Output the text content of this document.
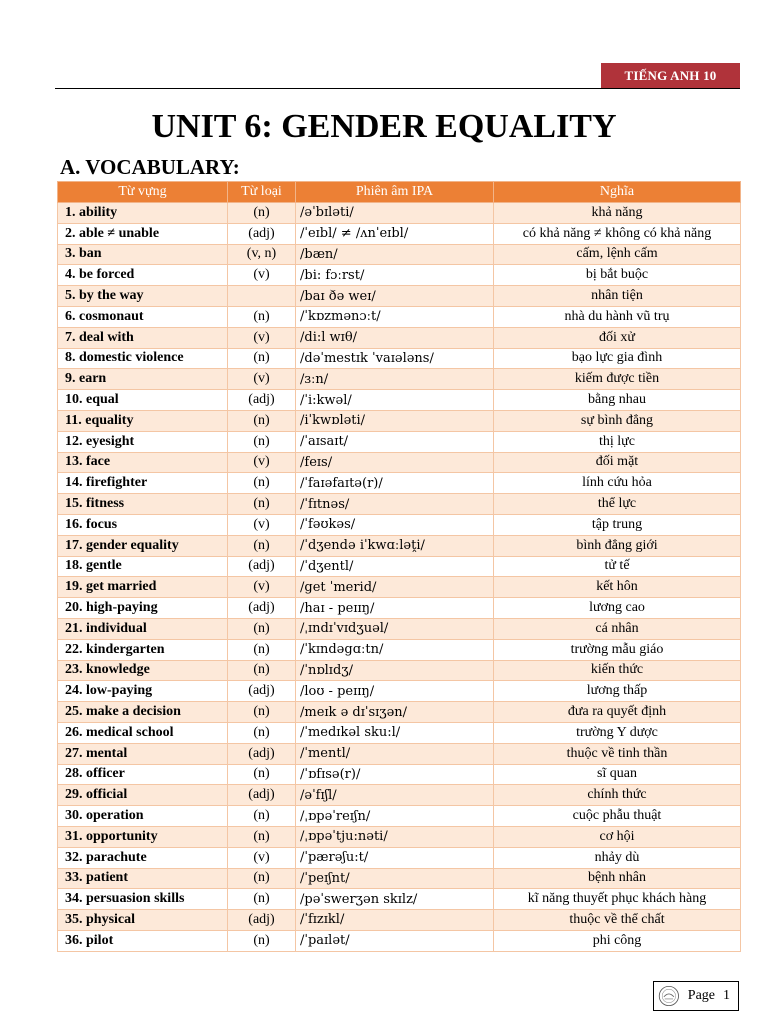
TIẾNG ANH 10
UNIT 6: GENDER EQUALITY
A. VOCABULARY:
Từ vựng	Từ loại	Phiên âm IPA	Nghĩa
1. ability	(n)	/əˈbɪləti/	khả năng
2. able ≠ unable	(adj)	/ˈeɪbl/ ≠ /ʌnˈeɪbl/	có khả năng ≠ không có khả năng
3. ban	(v, n)	/bæn/	cấm, lệnh cấm
4. be forced	(v)	/bi: fɔːrst/	bị bắt buộc
5. by the way		/baɪ ðə weɪ/	nhân tiện
6. cosmonaut	(n)	/ˈkɒzmənɔːt/	nhà du hành vũ trụ
7. deal with	(v)	/di:l wɪθ/	đối xử
8. domestic violence	(n)	/dəˈmestɪk ˈvaɪələns/	bạo lực gia đình
9. earn	(v)	/ɜːn/	kiếm được tiền
10. equal	(adj)	/ˈi:kwəl/	bằng nhau
11. equality	(n)	/iˈkwɒləti/	sự bình đẳng
12. eyesight	(n)	/ˈaɪsaɪt/	thị lực
13. face	(v)	/feɪs/	đối mặt
14. firefighter	(n)	/ˈfaɪəfaɪtə(r)/	lính cứu hỏa
15. fitness	(n)	/ˈfɪtnəs/	thể lực
16. focus	(v)	/ˈfəʊkəs/	tập trung
17. gender equality	(n)	/ˈdʒendə iˈkwɑːləṱi/	bình đẳng giới
18. gentle	(adj)	/ˈdʒentl/	tử tế
19. get married	(v)	/get ˈmerid/	kết hôn
20. high-paying	(adj)	/haɪ - peɪɪŋ/	lương cao
21. individual	(n)	/ˌɪndɪˈvɪdʒuəl/	cá nhân
22. kindergarten	(n)	/ˈkɪndəgɑːtn/	trường mẫu giáo
23. knowledge	(n)	/ˈnɒlɪdʒ/	kiến thức
24. low-paying	(adj)	/loʊ - peɪɪŋ/	lương thấp
25. make a decision	(n)	/meɪk ə dɪˈsɪʒən/	đưa ra quyết định
26. medical school	(n)	/ˈmedɪkəl sku:l/	trường Y dược
27. mental	(adj)	/ˈmentl/	thuộc về tinh thần
28. officer	(n)	/ˈɒfɪsə(r)/	sĩ quan
29. official	(adj)	/əˈfɪʃl/	chính thức
30. operation	(n)	/ˌɒpəˈreɪʃn/	cuộc phẫu thuật
31. opportunity	(n)	/ˌɒpəˈtju:nəti/	cơ hội
32. parachute	(v)	/ˈpærəʃu:t/	nhảy dù
33. patient	(n)	/ˈpeɪʃnt/	bệnh nhân
34. persuasion skills	(n)	/pəˈswerʒən skɪlz/	kĩ năng thuyết phục khách hàng
35. physical	(adj)	/ˈfɪzɪkl/	thuộc về thể chất
36. pilot	(n)	/ˈpaɪlət/	phi công
Page 1
